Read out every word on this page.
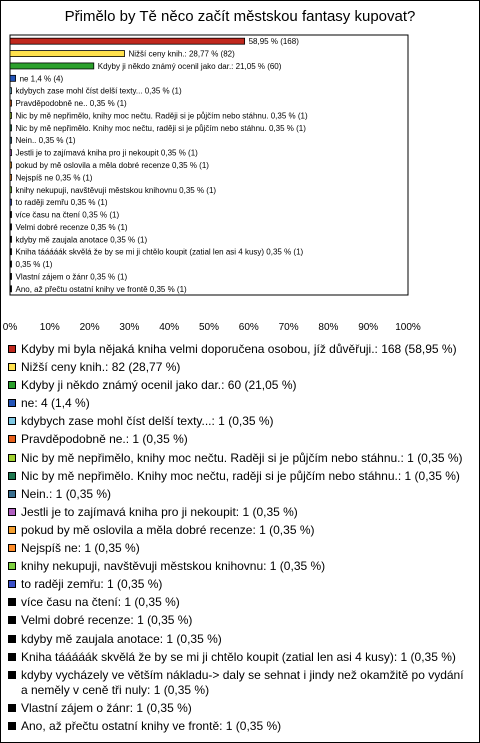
Přimělo by Tě něco začít městskou fantasy kupovat?
58,95 % (168)
Nižší ceny knih.: 28,77 % (82)
Kdyby ji někdo známý ocenil jako dar.: 21,05 % (60)
ne 1,4 % (4)
kdybych zase mohl číst delší texty... 0,35 % (1)
Pravděpodobně ne.. 0,35 % (1)
Nic by mě nepřimělo, knihy moc nečtu. Raději si je půjčím nebo stáhnu. 0,35 % (1)
Nic by mě nepřimělo. Knihy moc nečtu, raději si je půjčím nebo stáhnu. 0,35 % (1)
Nein.. 0,35 % (1)
Jestli je to zajímavá kniha pro ji nekoupit 0,35 % (1)
pokud by mě oslovila a měla dobré recenze 0,35 % (1)
Nejspíš ne 0,35 % (1)
knihy nekupuji, navštěvuji městskou knihovnu 0,35 % (1)
to raději zemřu 0,35 % (1)
více času na čtení 0,35 % (1)
Velmi dobré recenze 0,35 % (1)
kdyby mě zaujala anotace 0,35 % (1)
Kniha tááááák skvělá že by se mi ji chtělo koupit (zatial len asi 4 kusy) 0,35 % (1)
0,35 % (1)
Vlastní zájem o žánr 0,35 % (1)
Ano, až přečtu ostatní knihy ve frontě 0,35 % (1)
0% 10% 20% 30% 40% 50% 60% 70% 80% 90% 100%
Kdyby mi byla nějaká kniha velmi doporučena osobou, jíž důvěřuji.: 168 (58,95 %)
Nižší ceny knih.: 82 (28,77 %)
Kdyby ji někdo známý ocenil jako dar.: 60 (21,05 %)
ne: 4 (1,4 %)
kdybych zase mohl číst delší texty...: 1 (0,35 %)
Pravděpodobně ne.: 1 (0,35 %)
Nic by mě nepřimělo, knihy moc nečtu. Raději si je půjčím nebo stáhnu.: 1 (0,35 %)
Nic by mě nepřimělo. Knihy moc nečtu, raději si je půjčím nebo stáhnu.: 1 (0,35 %)
Nein.: 1 (0,35 %)
Jestli je to zajímavá kniha pro ji nekoupit: 1 (0,35 %)
pokud by mě oslovila a měla dobré recenze: 1 (0,35 %)
Nejspíš ne: 1 (0,35 %)
knihy nekupuji, navštěvuji městskou knihovnu: 1 (0,35 %)
to raději zemřu: 1 (0,35 %)
více času na čtení: 1 (0,35 %)
Velmi dobré recenze: 1 (0,35 %)
kdyby mě zaujala anotace: 1 (0,35 %)
Kniha tááááák skvělá že by se mi ji chtělo koupit (zatial len asi 4 kusy): 1 (0,35 %)
kdyby vycházely ve větším nákladu-> daly se sehnat i jindy než okamžitě po vydání a neměly v ceně tři nuly: 1 (0,35 %)
Vlastní zájem o žánr: 1 (0,35 %)
Ano, až přečtu ostatní knihy ve frontě: 1 (0,35 %)
